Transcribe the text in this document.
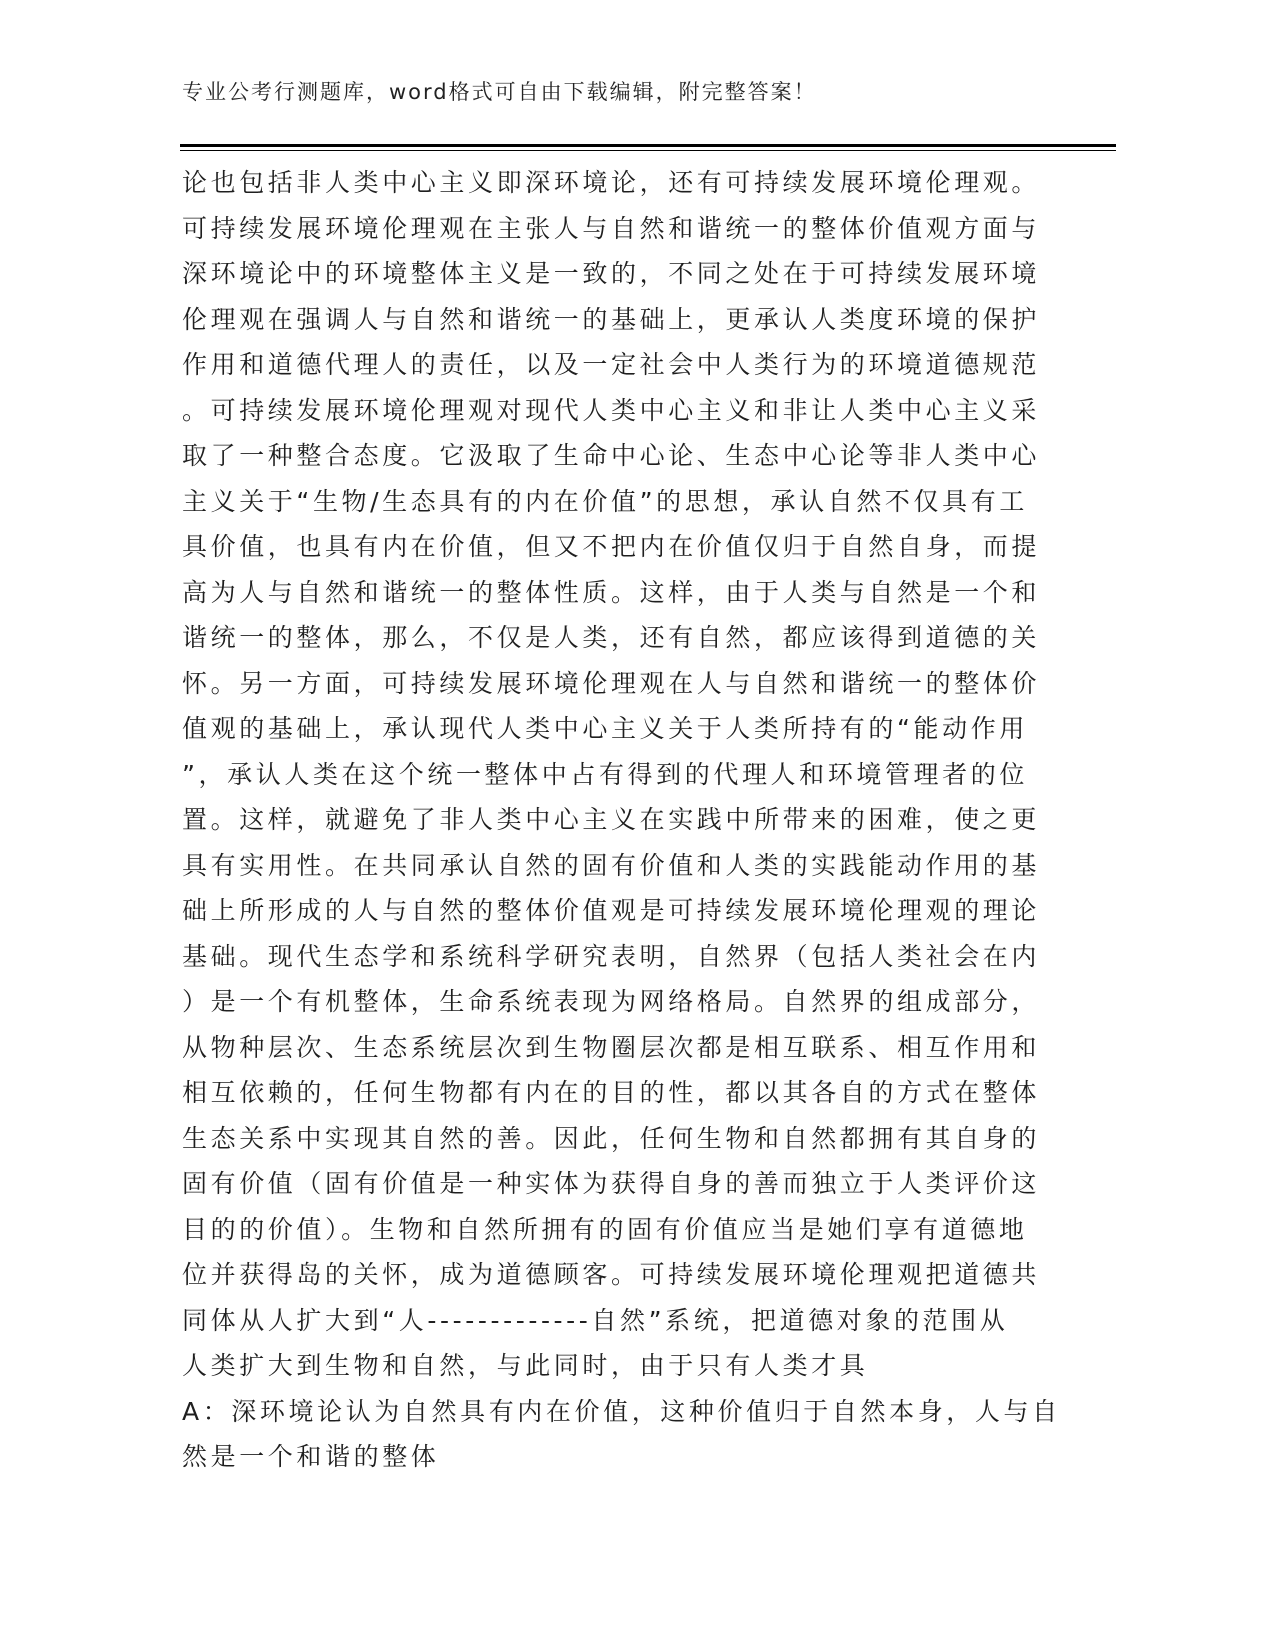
专业公考行测题库，word格式可自由下载编辑，附完整答案！
论也包括非人类中心主义即深环境论，还有可持续发展环境伦理观。
可持续发展环境伦理观在主张人与自然和谐统一的整体价值观方面与
深环境论中的环境整体主义是一致的，不同之处在于可持续发展环境
伦理观在强调人与自然和谐统一的基础上，更承认人类度环境的保护
作用和道德代理人的责任，以及一定社会中人类行为的环境道德规范
。可持续发展环境伦理观对现代人类中心主义和非让人类中心主义采
取了一种整合态度。它汲取了生命中心论、生态中心论等非人类中心
主义关于“生物/生态具有的内在价值”的思想，承认自然不仅具有工
具价值，也具有内在价值，但又不把内在价值仅归于自然自身，而提
高为人与自然和谐统一的整体性质。这样，由于人类与自然是一个和
谐统一的整体，那么，不仅是人类，还有自然，都应该得到道德的关
怀。另一方面，可持续发展环境伦理观在人与自然和谐统一的整体价
值观的基础上，承认现代人类中心主义关于人类所持有的“能动作用
”，承认人类在这个统一整体中占有得到的代理人和环境管理者的位
置。这样，就避免了非人类中心主义在实践中所带来的困难，使之更
具有实用性。在共同承认自然的固有价值和人类的实践能动作用的基
础上所形成的人与自然的整体价值观是可持续发展环境伦理观的理论
基础。现代生态学和系统科学研究表明，自然界（包括人类社会在内
）是一个有机整体，生命系统表现为网络格局。自然界的组成部分，
从物种层次、生态系统层次到生物圈层次都是相互联系、相互作用和
相互依赖的，任何生物都有内在的目的性，都以其各自的方式在整体
生态关系中实现其自然的善。因此，任何生物和自然都拥有其自身的
固有价值（固有价值是一种实体为获得自身的善而独立于人类评价这
目的的价值）。生物和自然所拥有的固有价值应当是她们享有道德地
位并获得岛的关怀，成为道德顾客。可持续发展环境伦理观把道德共
同体从人扩大到“人-------------自然”系统，把道德对象的范围从
人类扩大到生物和自然，与此同时，由于只有人类才具
A：深环境论认为自然具有内在价值，这种价值归于自然本身，人与自
然是一个和谐的整体
